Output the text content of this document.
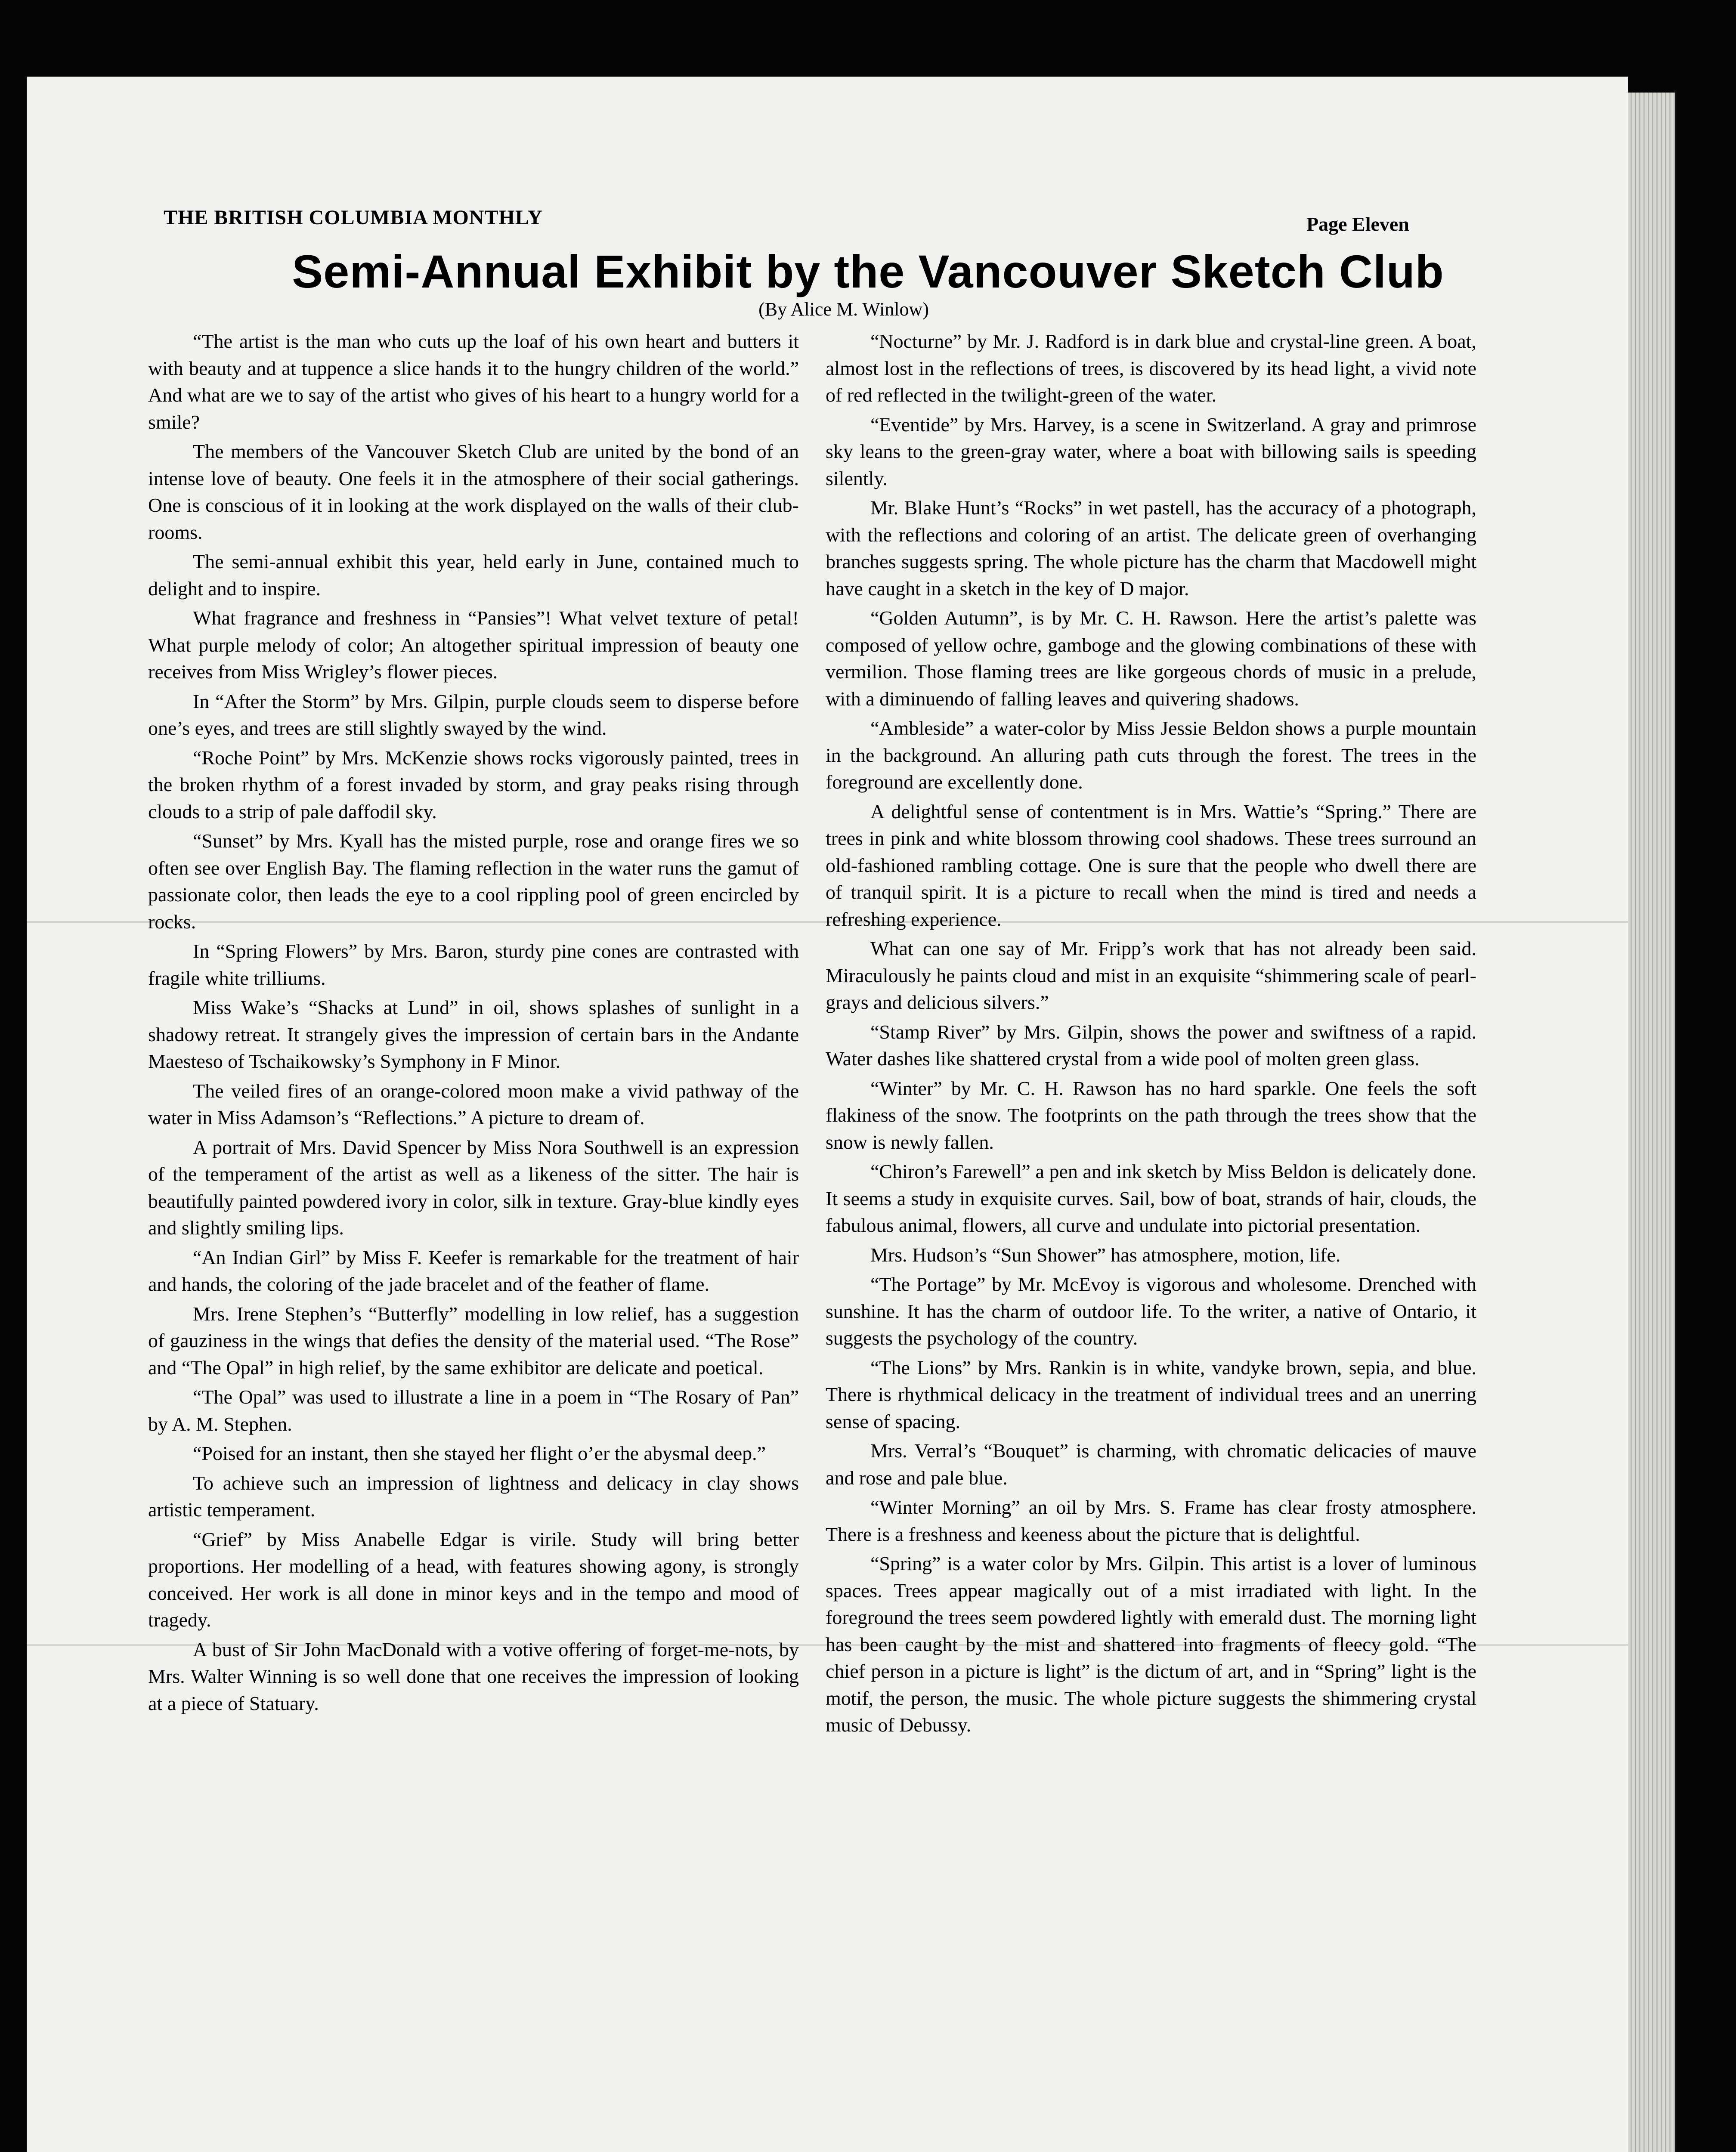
THE BRITISH COLUMBIA MONTHLY	Page Eleven
Semi-Annual Exhibit by the Vancouver Sketch Club
(By Alice M. Winlow)

“The artist is the man who cuts up the loaf of his own heart and butters it with beauty and at tuppence a slice hands it to the hungry children of the world.” And what are we to say of the artist who gives of his heart to a hungry world for a smile?

The members of the Vancouver Sketch Club are united by the bond of an intense love of beauty. One feels it in the atmosphere of their social gatherings. One is conscious of it in looking at the work displayed on the walls of their club-rooms.

The semi-annual exhibit this year, held early in June, contained much to delight and to inspire.

What fragrance and freshness in “Pansies”! What velvet texture of petal! What purple melody of color; An altogether spiritual impression of beauty one receives from Miss Wrigley’s flower pieces.

In “After the Storm” by Mrs. Gilpin, purple clouds seem to disperse before one’s eyes, and trees are still slightly swayed by the wind.

“Roche Point” by Mrs. McKenzie shows rocks vigorously painted, trees in the broken rhythm of a forest invaded by storm, and gray peaks rising through clouds to a strip of pale daffodil sky.

“Sunset” by Mrs. Kyall has the misted purple, rose and orange fires we so often see over English Bay. The flaming reflection in the water runs the gamut of passionate color, then leads the eye to a cool rippling pool of green encircled by rocks.

In “Spring Flowers” by Mrs. Baron, sturdy pine cones are contrasted with fragile white trilliums.

Miss Wake’s “Shacks at Lund” in oil, shows splashes of sunlight in a shadowy retreat. It strangely gives the impression of certain bars in the Andante Maesteso of Tschaikowsky’s Symphony in F Minor.

The veiled fires of an orange-colored moon make a vivid pathway of the water in Miss Adamson’s “Reflections.” A picture to dream of.

A portrait of Mrs. David Spencer by Miss Nora Southwell is an expression of the temperament of the artist as well as a likeness of the sitter. The hair is beautifully painted powdered ivory in color, silk in texture. Gray-blue kindly eyes and slightly smiling lips.

“An Indian Girl” by Miss F. Keefer is remarkable for the treatment of hair and hands, the coloring of the jade bracelet and of the feather of flame.

Mrs. Irene Stephen’s “Butterfly” modelling in low relief, has a suggestion of gauziness in the wings that defies the density of the material used. “The Rose” and “The Opal” in high relief, by the same exhibitor are delicate and poetical.

“The Opal” was used to illustrate a line in a poem in “The Rosary of Pan” by A. M. Stephen.

“Poised for an instant, then she stayed her flight o’er the abysmal deep.”

To achieve such an impression of lightness and delicacy in clay shows artistic temperament.

“Grief” by Miss Anabelle Edgar is virile. Study will bring better proportions. Her modelling of a head, with features showing agony, is strongly conceived. Her work is all done in minor keys and in the tempo and mood of tragedy.

A bust of Sir John MacDonald with a votive offering of forget-me-nots, by Mrs. Walter Winning is so well done that one receives the impression of looking at a piece of Statuary.

“Nocturne” by Mr. J. Radford is in dark blue and crystal-line green. A boat, almost lost in the reflections of trees, is discovered by its head light, a vivid note of red reflected in the twilight-green of the water.

“Eventide” by Mrs. Harvey, is a scene in Switzerland. A gray and primrose sky leans to the green-gray water, where a boat with billowing sails is speeding silently.

Mr. Blake Hunt’s “Rocks” in wet pastell, has the accuracy of a photograph, with the reflections and coloring of an artist. The delicate green of overhanging branches suggests spring. The whole picture has the charm that Macdowell might have caught in a sketch in the key of D major.

“Golden Autumn”, is by Mr. C. H. Rawson. Here the artist’s palette was composed of yellow ochre, gamboge and the glowing combinations of these with vermilion. Those flaming trees are like gorgeous chords of music in a prelude, with a diminuendo of falling leaves and quivering shadows.

“Ambleside” a water-color by Miss Jessie Beldon shows a purple mountain in the background. An alluring path cuts through the forest. The trees in the foreground are excellently done.

A delightful sense of contentment is in Mrs. Wattie’s “Spring.” There are trees in pink and white blossom throwing cool shadows. These trees surround an old-fashioned rambling cottage. One is sure that the people who dwell there are of tranquil spirit. It is a picture to recall when the mind is tired and needs a refreshing experience.

What can one say of Mr. Fripp’s work that has not already been said. Miraculously he paints cloud and mist in an exquisite “shimmering scale of pearl-grays and delicious silvers.”

“Stamp River” by Mrs. Gilpin, shows the power and swiftness of a rapid. Water dashes like shattered crystal from a wide pool of molten green glass.

“Winter” by Mr. C. H. Rawson has no hard sparkle. One feels the soft flakiness of the snow. The footprints on the path through the trees show that the snow is newly fallen.

“Chiron’s Farewell” a pen and ink sketch by Miss Beldon is delicately done. It seems a study in exquisite curves. Sail, bow of boat, strands of hair, clouds, the fabulous animal, flowers, all curve and undulate into pictorial presentation.

Mrs. Hudson’s “Sun Shower” has atmosphere, motion, life.

“The Portage” by Mr. McEvoy is vigorous and wholesome. Drenched with sunshine. It has the charm of outdoor life. To the writer, a native of Ontario, it suggests the psychology of the country.

“The Lions” by Mrs. Rankin is in white, vandyke brown, sepia, and blue. There is rhythmical delicacy in the treatment of individual trees and an unerring sense of spacing.

Mrs. Verral’s “Bouquet” is charming, with chromatic delicacies of mauve and rose and pale blue.

“Winter Morning” an oil by Mrs. S. Frame has clear frosty atmosphere. There is a freshness and keeness about the picture that is delightful.

“Spring” is a water color by Mrs. Gilpin. This artist is a lover of luminous spaces. Trees appear magically out of a mist irradiated with light. In the foreground the trees seem powdered lightly with emerald dust. The morning light has been caught by the mist and shattered into fragments of fleecy gold. “The chief person in a picture is light” is the dictum of art, and in “Spring” light is the motif, the person, the music. The whole picture suggests the shimmering crystal music of Debussy.
